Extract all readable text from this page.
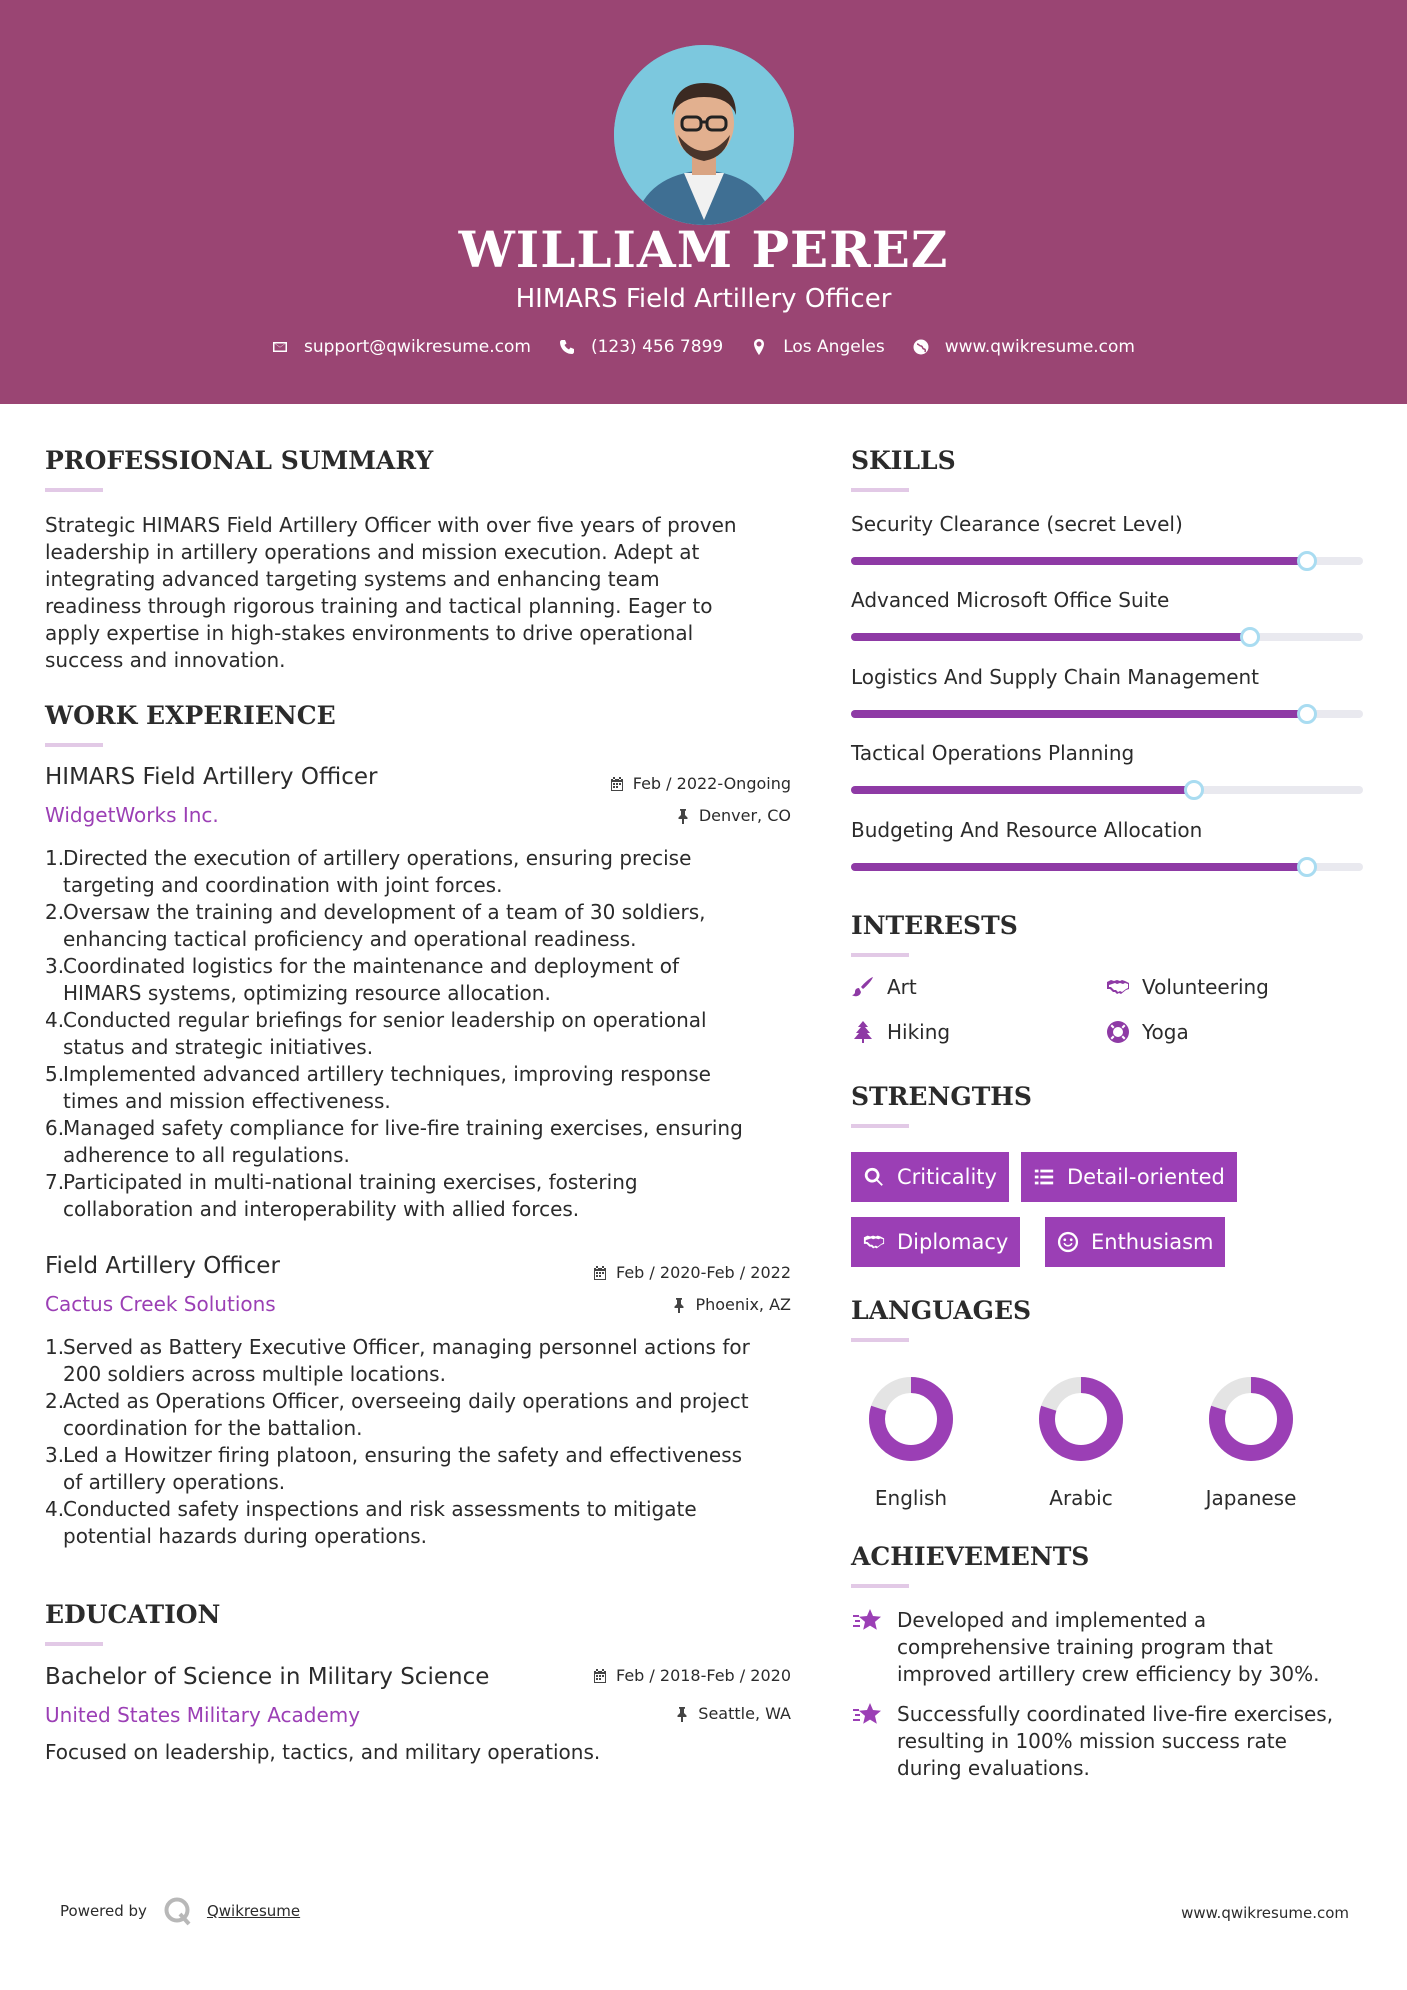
WILLIAM PEREZ
HIMARS Field Artillery Officer
support@qwikresume.com	(123) 456 7899	Los Angeles	www.qwikresume.com
PROFESSIONAL SUMMARY
Strategic HIMARS Field Artillery Officer with over five years of proven
leadership in artillery operations and mission execution. Adept at
integrating advanced targeting systems and enhancing team
readiness through rigorous training and tactical planning. Eager to
apply expertise in high-stakes environments to drive operational
success and innovation.
WORK EXPERIENCE
HIMARS Field Artillery Officer
WidgetWorks Inc.
Feb / 2022-Ongoing
Denver, CO
1.
Directed the execution of artillery operations, ensuring precise
targeting and coordination with joint forces.
2.
Oversaw the training and development of a team of 30 soldiers,
enhancing tactical proficiency and operational readiness.
3.
Coordinated logistics for the maintenance and deployment of
HIMARS systems, optimizing resource allocation.
4.
Conducted regular briefings for senior leadership on operational
status and strategic initiatives.
5.
Implemented advanced artillery techniques, improving response
times and mission effectiveness.
6.
Managed safety compliance for live-fire training exercises, ensuring
adherence to all regulations.
7.
Participated in multi-national training exercises, fostering
collaboration and interoperability with allied forces.
Field Artillery Officer
Cactus Creek Solutions
Feb / 2020-Feb / 2022
Phoenix, AZ
1.
Served as Battery Executive Officer, managing personnel actions for
200 soldiers across multiple locations.
2.
Acted as Operations Officer, overseeing daily operations and project
coordination for the battalion.
3.
Led a Howitzer firing platoon, ensuring the safety and effectiveness
of artillery operations.
4.
Conducted safety inspections and risk assessments to mitigate
potential hazards during operations.
EDUCATION
Bachelor of Science in Military Science
United States Military Academy
Feb / 2018-Feb / 2020
Seattle, WA
Focused on leadership, tactics, and military operations.
SKILLS
Security Clearance (secret Level)
Advanced Microsoft Office Suite
Logistics And Supply Chain Management
Tactical Operations Planning
Budgeting And Resource Allocation
INTERESTS
Art	Volunteering
Hiking	Yoga
STRENGTHS
Criticality	Detail-oriented
Diplomacy	Enthusiasm
LANGUAGES
English	Arabic	Japanese
ACHIEVEMENTS
Developed and implemented a
comprehensive training program that
improved artillery crew efficiency by 30%.
Successfully coordinated live-fire exercises,
resulting in 100% mission success rate
during evaluations.
Powered by	Qwikresume	www.qwikresume.com
